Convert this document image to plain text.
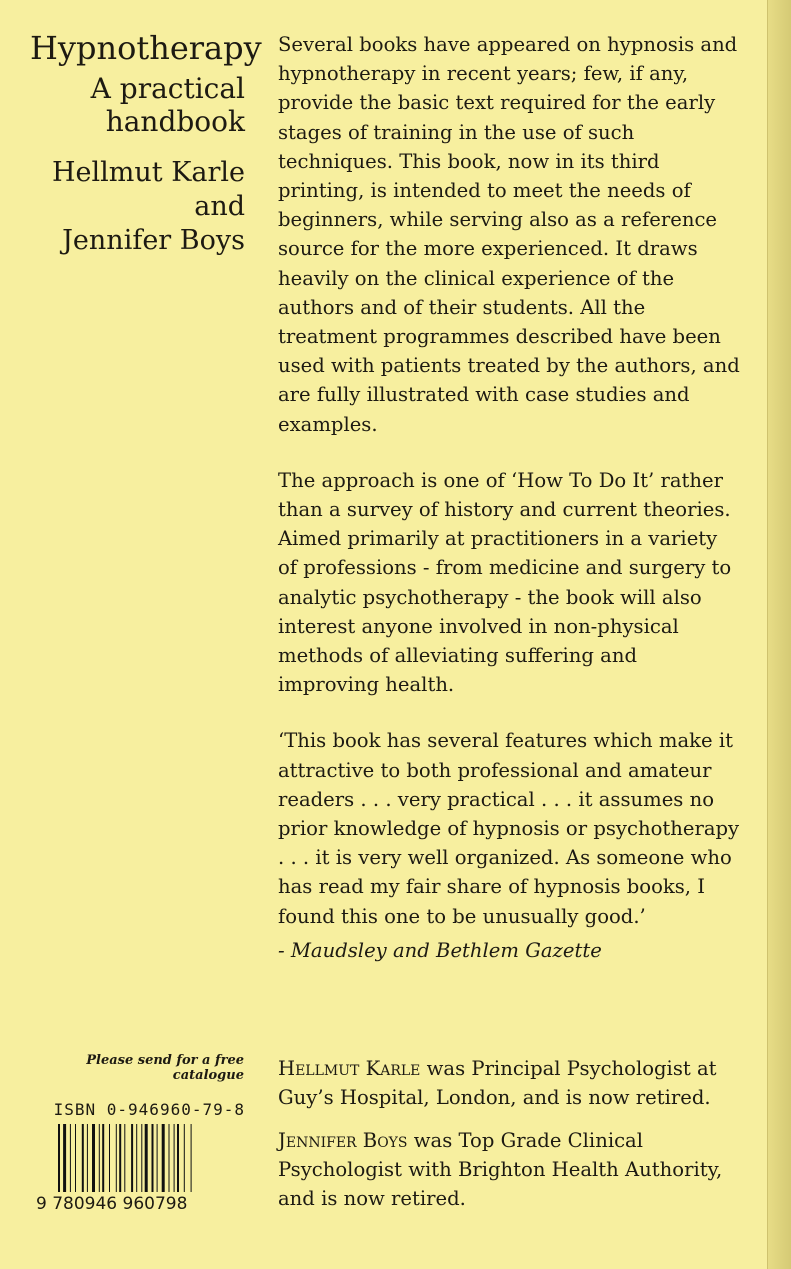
Hypnotherapy
A practical handbook
Hellmut Karle
and
Jennifer Boys

Several books have appeared on hypnosis and hypnotherapy in recent years; few, if any, provide the basic text required for the early stages of training in the use of such techniques. This book, now in its third printing, is intended to meet the needs of beginners, while serving also as a reference source for the more experienced. It draws heavily on the clinical experience of the authors and of their students. All the treatment programmes described have been used with patients treated by the authors, and are fully illustrated with case studies and examples.

The approach is one of ‘How To Do It’ rather than a survey of history and current theories. Aimed primarily at practitioners in a variety of professions - from medicine and surgery to analytic psychotherapy - the book will also interest anyone involved in non-physical methods of alleviating suffering and improving health.

‘This book has several features which make it attractive to both professional and amateur readers . . . very practical . . . it assumes no prior knowledge of hypnosis or psychotherapy . . . it is very well organized. As someone who has read my fair share of hypnosis books, I found this one to be unusually good.’

- Maudsley and Bethlem Gazette

Hellmut Karle was Principal Psychologist at Guy’s Hospital, London, and is now retired.

Jennifer Boys was Top Grade Clinical Psychologist with Brighton Health Authority, and is now retired.

Please send for a free catalogue
ISBN 0-946960-79-8
9 780946 960798
